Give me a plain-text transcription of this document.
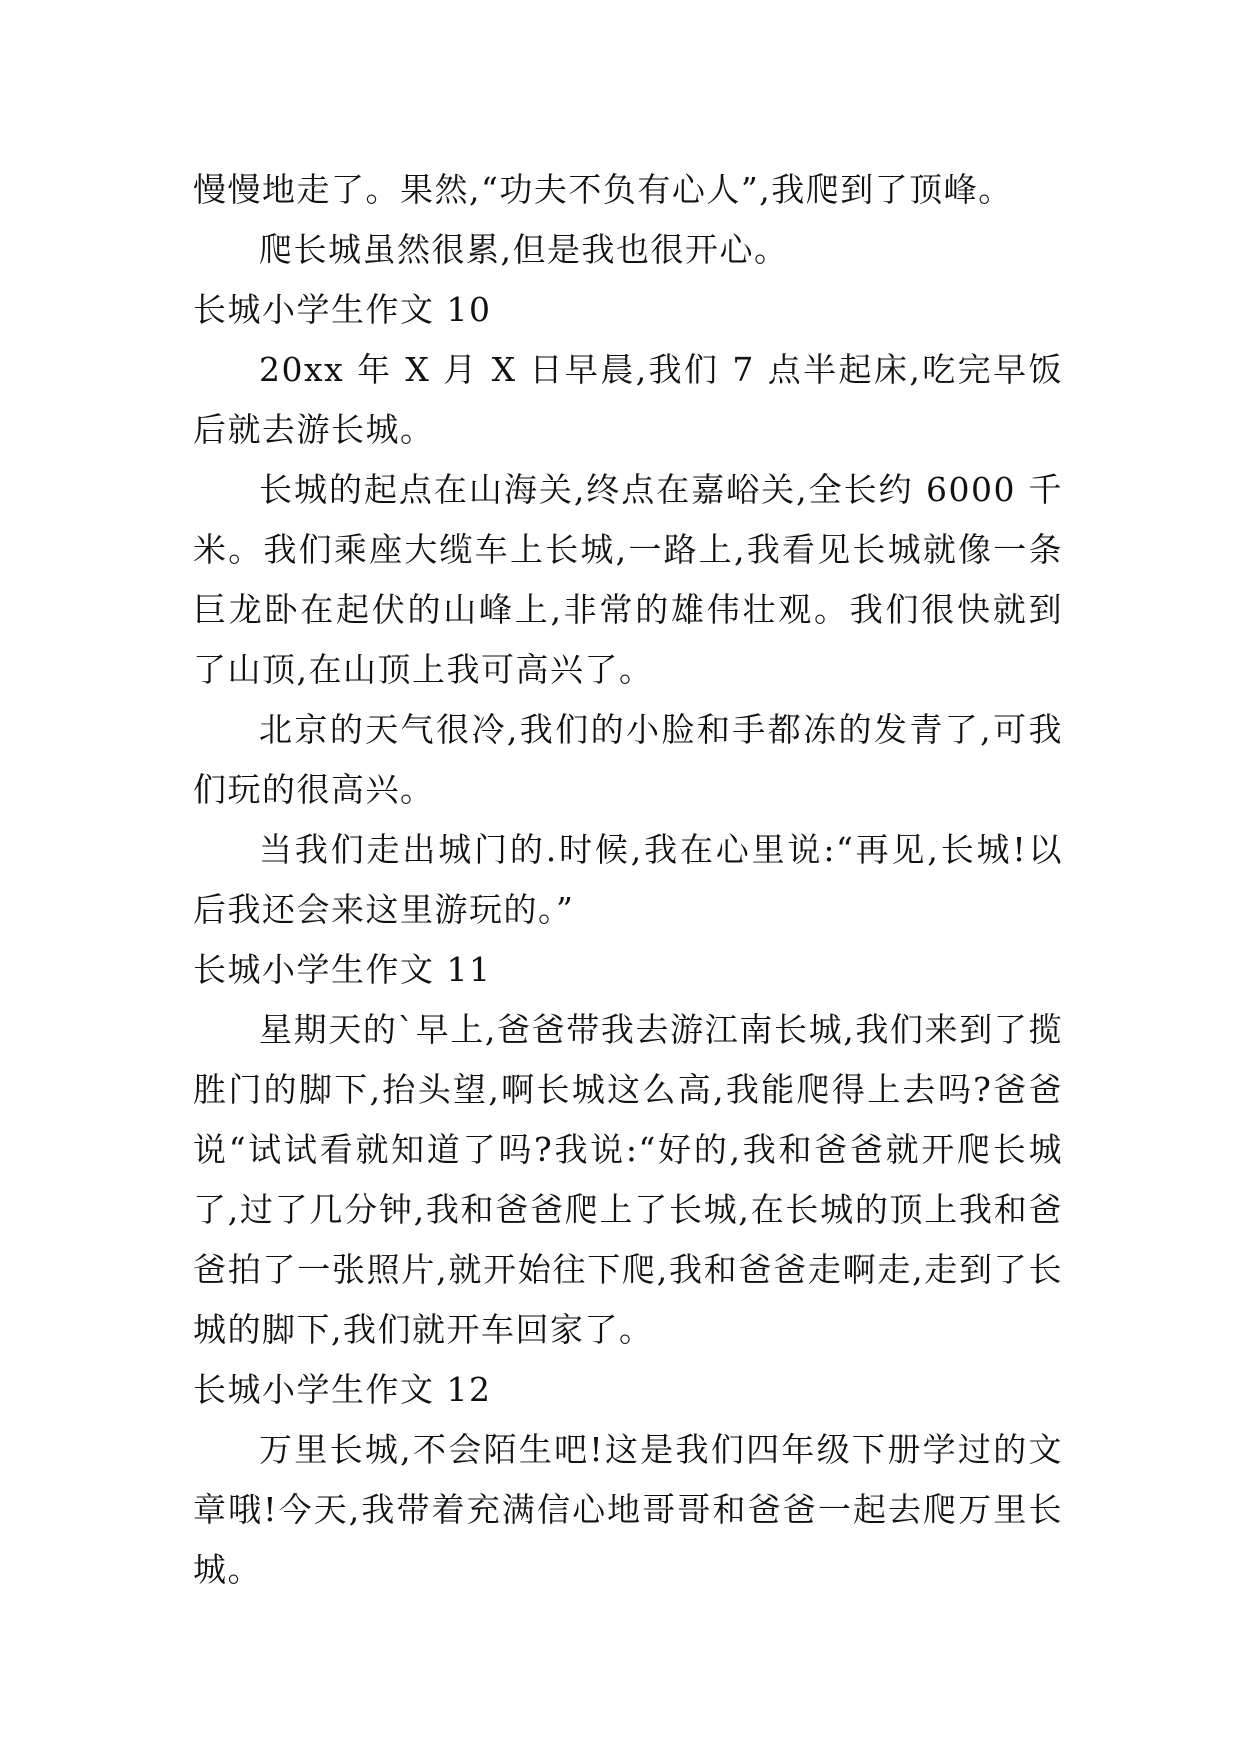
慢慢地走了。果然,“功夫不负有心人”,我爬到了顶峰。

爬长城虽然很累,但是我也很开心。

长城小学生作文 10

20xx 年 X 月 X 日早晨,我们 7 点半起床,吃完早饭后就去游长城。

长城的起点在山海关,终点在嘉峪关,全长约 6000 千米。我们乘座大缆车上长城,一路上,我看见长城就像一条巨龙卧在起伏的山峰上,非常的雄伟壮观。我们很快就到了山顶,在山顶上我可高兴了。

北京的天气很冷,我们的小脸和手都冻的发青了,可我们玩的很高兴。

当我们走出城门的.时候,我在心里说:“再见,长城!以后我还会来这里游玩的。”

长城小学生作文 11

星期天的`早上,爸爸带我去游江南长城,我们来到了揽胜门的脚下,抬头望,啊长城这么高,我能爬得上去吗?爸爸说“试试看就知道了吗?我说:“好的,我和爸爸就开爬长城了,过了几分钟,我和爸爸爬上了长城,在长城的顶上我和爸爸拍了一张照片,就开始往下爬,我和爸爸走啊走,走到了长城的脚下,我们就开车回家了。

长城小学生作文 12

万里长城,不会陌生吧!这是我们四年级下册学过的文章哦!今天,我带着充满信心地哥哥和爸爸一起去爬万里长城。
